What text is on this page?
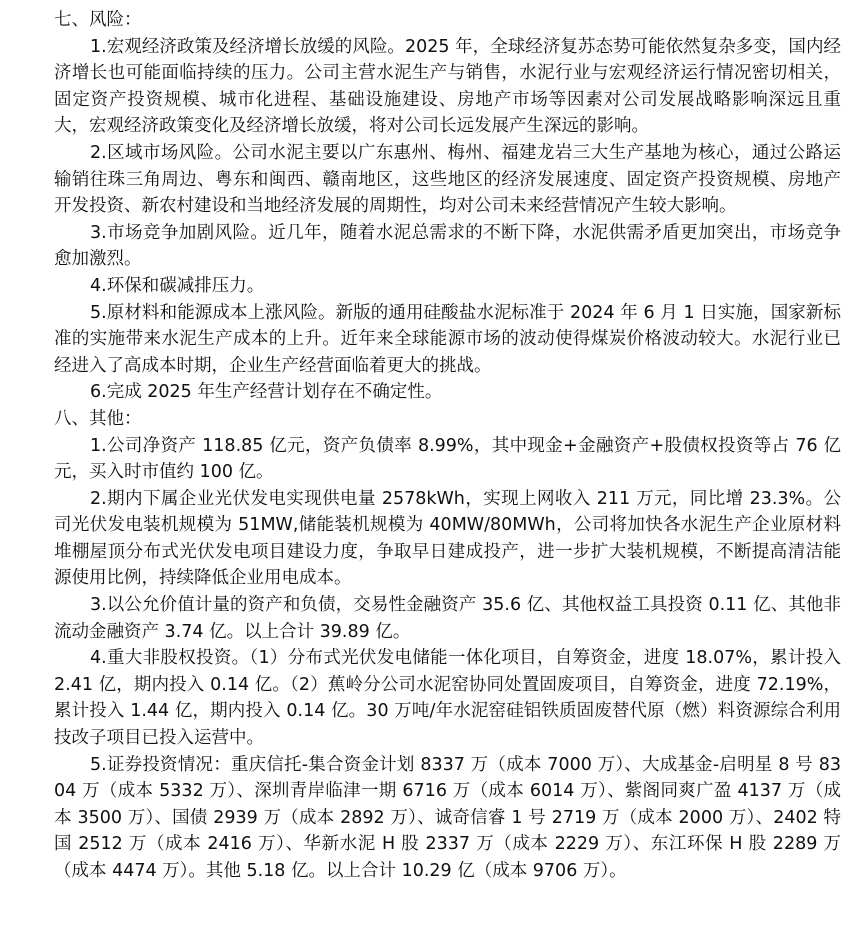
七、风险：

1.宏观经济政策及经济增长放缓的风险。2025 年，全球经济复苏态势可能依然复杂多变，国内经济增长也可能面临持续的压力。公司主营水泥生产与销售，水泥行业与宏观经济运行情况密切相关，固定资产投资规模、城市化进程、基础设施建设、房地产市场等因素对公司发展战略影响深远且重大，宏观经济政策变化及经济增长放缓，将对公司长远发展产生深远的影响。

2.区域市场风险。公司水泥主要以广东惠州、梅州、福建龙岩三大生产基地为核心，通过公路运输销往珠三角周边、粤东和闽西、赣南地区，这些地区的经济发展速度、固定资产投资规模、房地产开发投资、新农村建设和当地经济发展的周期性，均对公司未来经营情况产生较大影响。

3.市场竞争加剧风险。近几年，随着水泥总需求的不断下降，水泥供需矛盾更加突出，市场竞争愈加激烈。

4.环保和碳减排压力。

5.原材料和能源成本上涨风险。新版的通用硅酸盐水泥标准于 2024 年 6 月 1 日实施，国家新标准的实施带来水泥生产成本的上升。近年来全球能源市场的波动使得煤炭价格波动较大。水泥行业已经进入了高成本时期，企业生产经营面临着更大的挑战。

6.完成 2025 年生产经营计划存在不确定性。

八、其他：

1.公司净资产 118.85 亿元，资产负债率 8.99%，其中现金+金融资产+股债权投资等占 76 亿元，买入时市值约 100 亿。

2.期内下属企业光伏发电实现供电量 2578kWh，实现上网收入 211 万元，同比增 23.3%。公司光伏发电装机规模为 51MW,储能装机规模为 40MW/80MWh，公司将加快各水泥生产企业原材料堆棚屋顶分布式光伏发电项目建设力度，争取早日建成投产，进一步扩大装机规模，不断提高清洁能源使用比例，持续降低企业用电成本。

3.以公允价值计量的资产和负债，交易性金融资产 35.6 亿、其他权益工具投资 0.11 亿、其他非流动金融资产 3.74 亿。以上合计 39.89 亿。

4.重大非股权投资。（1）分布式光伏发电储能一体化项目，自筹资金，进度 18.07%，累计投入 2.41 亿，期内投入 0.14 亿。（2）蕉岭分公司水泥窑协同处置固废项目，自筹资金，进度 72.19%，累计投入 1.44 亿，期内投入 0.14 亿。30 万吨/年水泥窑硅铝铁质固废替代原（燃）料资源综合利用技改子项目已投入运营中。

5.证券投资情况：重庆信托-集合资金计划 8337 万（成本 7000 万）、大成基金-启明星 8 号 8304 万（成本 5332 万）、深圳青岸临津一期 6716 万（成本 6014 万）、紫阁同爽广盈 4137 万（成本 3500 万）、国债 2939 万（成本 2892 万）、诚奇信睿 1 号 2719 万（成本 2000 万）、2402 特国 2512 万（成本 2416 万）、华新水泥 H 股 2337 万（成本 2229 万）、东江环保 H 股 2289 万（成本 4474 万）。其他 5.18 亿。以上合计 10.29 亿（成本 9706 万）。
